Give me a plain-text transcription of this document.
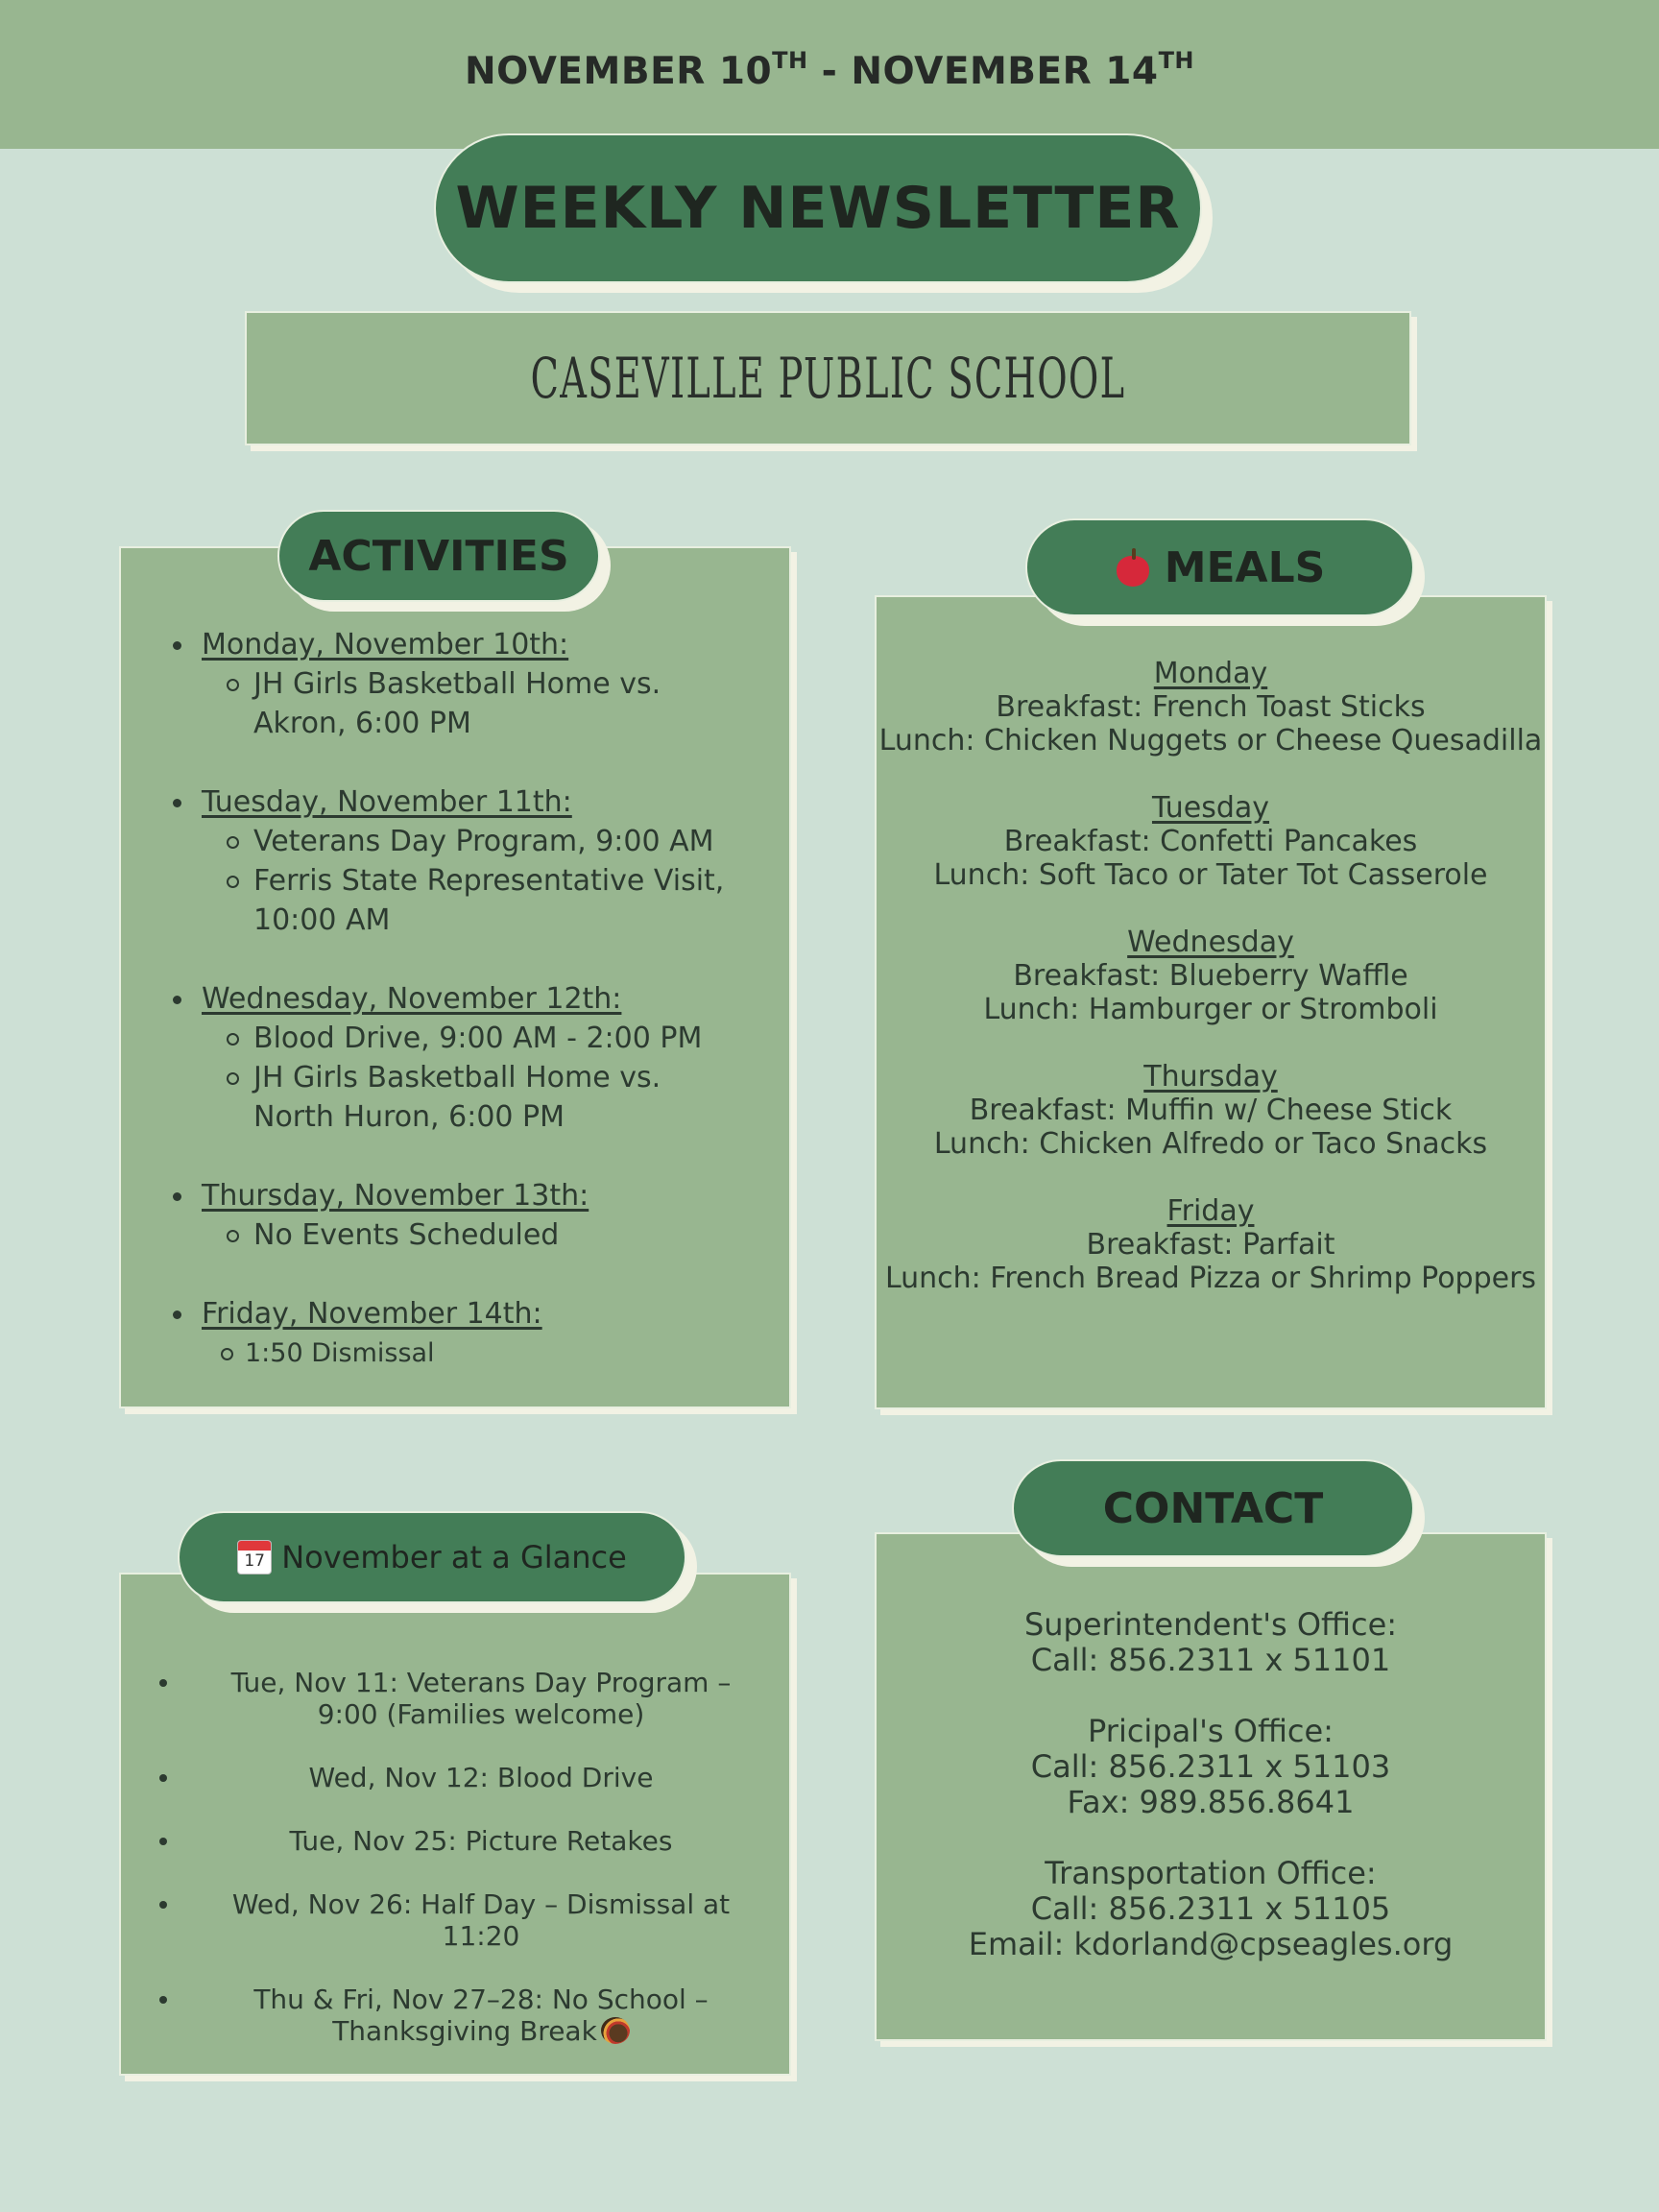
NOVEMBER 10TH - NOVEMBER 14TH
WEEKLY NEWSLETTER
CASEVILLE PUBLIC SCHOOL
Monday, November 10th:
JH Girls Basketball Home vs. Akron, 6:00 PM
Tuesday, November 11th:
Veterans Day Program, 9:00 AM
Ferris State Representative Visit, 10:00 AM
Wednesday, November 12th:
Blood Drive, 9:00 AM - 2:00 PM
JH Girls Basketball Home vs. North Huron, 6:00 PM
Thursday, November 13th:
No Events Scheduled
Friday, November 14th:
1:50 Dismissal
ACTIVITIES
Monday
Breakfast: French Toast Sticks
Lunch: Chicken Nuggets or Cheese Quesadilla
Tuesday
Breakfast: Confetti Pancakes
Lunch: Soft Taco or Tater Tot Casserole
Wednesday
Breakfast: Blueberry Waffle
Lunch: Hamburger or Stromboli
Thursday
Breakfast: Muffin w/ Cheese Stick
Lunch: Chicken Alfredo or Taco Snacks
Friday
Breakfast: Parfait
Lunch: French Bread Pizza or Shrimp Poppers
MEALS
Tue, Nov 11: Veterans Day Program – 9:00 (Families welcome)
Wed, Nov 12: Blood Drive
Tue, Nov 25: Picture Retakes
Wed, Nov 26: Half Day – Dismissal at 11:20
Thu & Fri, Nov 27–28: No School – Thanksgiving Break
17 November at a Glance
Superintendent's Office:
Call: 856.2311 x 51101
Pricipal's Office:
Call: 856.2311 x 51103
Fax: 989.856.8641
Transportation Office:
Call: 856.2311 x 51105
Email: kdorland@cpseagles.org
CONTACT
